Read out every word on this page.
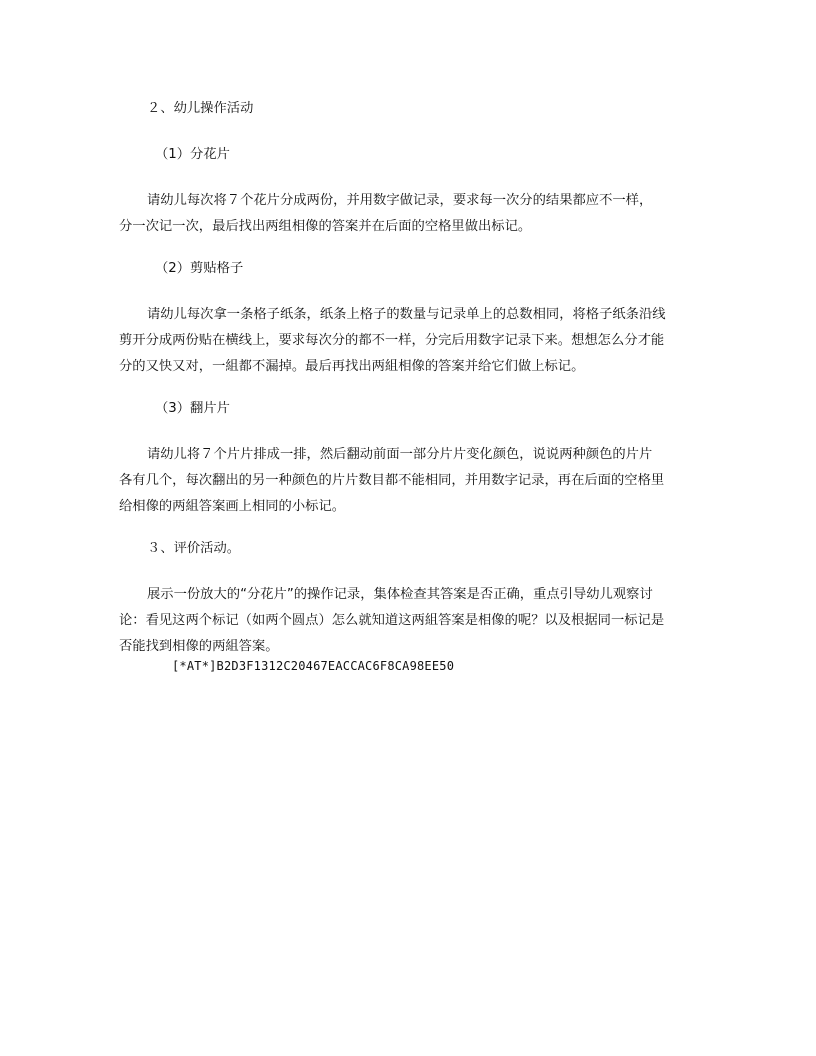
２、幼儿操作活动
（1）分花片
请幼儿每次将７个花片分成两份，并用数字做记录，要求每一次分的结果都应不一样，
分一次记一次，最后找出两组相像的答案并在后面的空格里做出标记。
（2）剪贴格子
请幼儿每次拿一条格子纸条，纸条上格子的数量与记录单上的总数相同，将格子纸条沿线
剪开分成两份贴在横线上，要求每次分的都不一样，分完后用数字记录下来。想想怎么分才能
分的又快又对，一組都不漏掉。最后再找出两組相像的答案并给它们做上标记。
（3）翻片片
请幼儿将７个片片排成一排，然后翻动前面一部分片片变化颜色，说说两种颜色的片片
各有几个，每次翻出的另一种颜色的片片数目都不能相同，并用数字记录，再在后面的空格里
给相像的两組答案画上相同的小标记。
３、评价活动。
展示一份放大的“分花片”的操作记录，集体检查其答案是否正确，重点引导幼儿观察讨
论：看见这两个标记（如两个圆点）怎么就知道这两組答案是相像的呢？以及根据同一标记是
否能找到相像的两組答案。
[*AT*]B2D3F1312C20467EACCAC6F8CA98EE50
